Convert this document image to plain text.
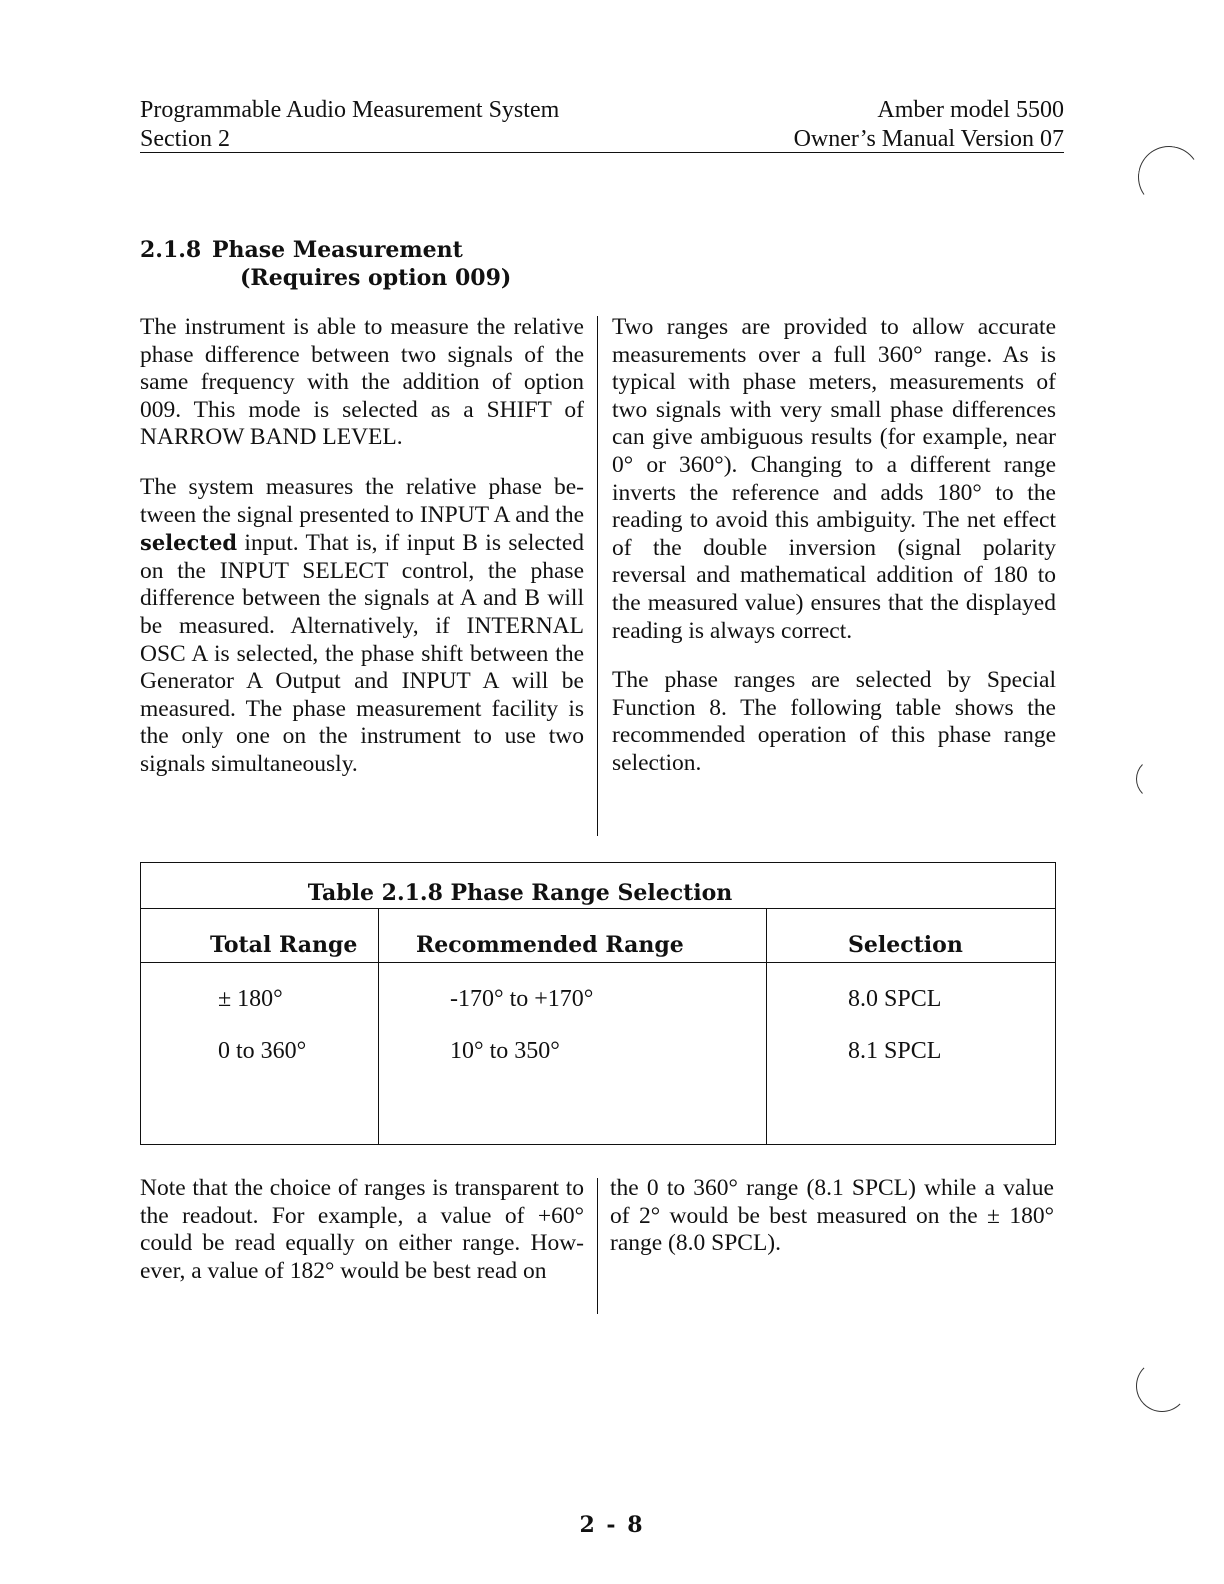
Programmable Audio Measurement System
Section 2
Amber model 5500
Owner’s Manual Version 07
2.1.8 Phase Measurement
(Requires option 009)

The instrument is able to measure the relative phase difference between two signals of the same frequency with the addition of option 009. This mode is selected as a SHIFT of NARROW BAND LEVEL.

The system measures the relative phase between the signal presented to INPUT A and the selected input. That is, if input B is selected on the INPUT SELECT control, the phase difference between the signals at A and B will be measured. Alternatively, if INTERNAL OSC A is selected, the phase shift between the Generator A Output and INPUT A will be measured. The phase measurement facility is the only one on the instrument to use two signals simultaneously.

Two ranges are provided to allow accurate measurements over a full 360° range. As is typical with phase meters, measurements of two signals with very small phase differences can give ambiguous results (for example, near 0° or 360°). Changing to a different range inverts the reference and adds 180° to the reading to avoid this ambiguity. The net effect of the double inversion (signal polarity reversal and mathematical addition of 180 to the measured value) ensures that the displayed reading is always correct.

The phase ranges are selected by Special Function 8. The following table shows the recommended operation of this phase range selection.

Table 2.1.8 Phase Range Selection
Total Range	Recommended Range	Selection
± 180°	-170° to +170°	8.0 SPCL
0 to 360°	10° to 350°	8.1 SPCL

Note that the choice of ranges is transparent to the readout. For example, a value of +60° could be read equally on either range. However, a value of 182° would be best read on

the 0 to 360° range (8.1 SPCL) while a value of 2° would be best measured on the ± 180° range (8.0 SPCL).

2 - 8
